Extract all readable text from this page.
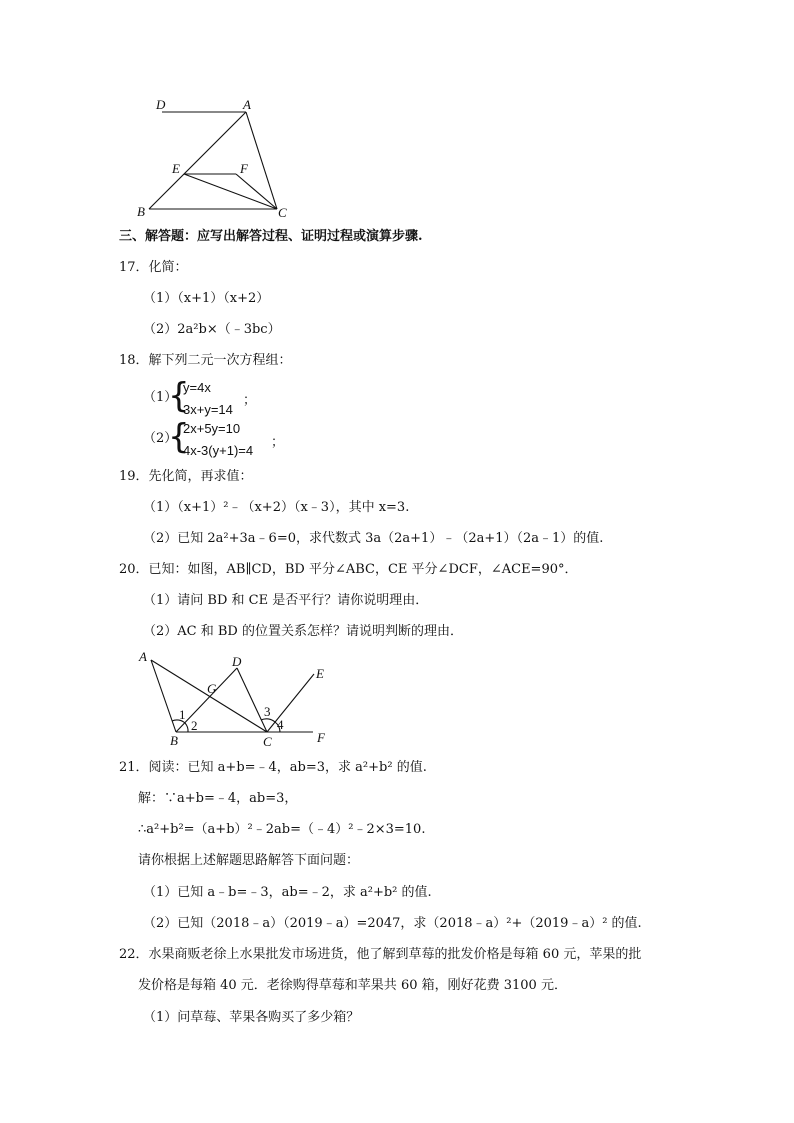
D	A
E	F
B	C
三、解答题：应写出解答过程、证明过程或演算步骤.
17．化简：
（1）（x+1）（x+2）
（2）2a²b×（﹣3bc）
18．解下列二元一次方程组：
（1）
{
y=4x
3x+y=14
；
（2）
{
2x+5y=10
4x-3(y+1)=4
；
19．先化简，再求值：
（1）（x+1）²﹣（x+2）（x﹣3），其中 x=3.
（2）已知 2a²+3a﹣6=0，求代数式 3a（2a+1）﹣（2a+1）（2a﹣1）的值.
20．已知：如图，AB∥CD，BD 平分∠ABC，CE 平分∠DCF，∠ACE=90°．
（1）请问 BD 和 CE 是否平行？请你说明理由．
（2）AC 和 BD 的位置关系怎样？请说明判断的理由．
A	D
E
G
B	C	F
1
2
3
4
21．阅读：已知 a+b=﹣4，ab=3，求 a²+b² 的值.
解：∵a+b=﹣4，ab=3，
∴a²+b²=（a+b）²﹣2ab=（﹣4）²﹣2×3=10.
请你根据上述解题思路解答下面问题：
（1）已知 a﹣b=﹣3，ab=﹣2，求 a²+b² 的值.
（2）已知（2018﹣a）（2019﹣a）=2047，求（2018﹣a）²+（2019﹣a）² 的值.
22．水果商贩老徐上水果批发市场进货，他了解到草莓的批发价格是每箱 60 元，苹果的批
发价格是每箱 40 元．老徐购得草莓和苹果共 60 箱，刚好花费 3100 元．
（1）问草莓、苹果各购买了多少箱？
